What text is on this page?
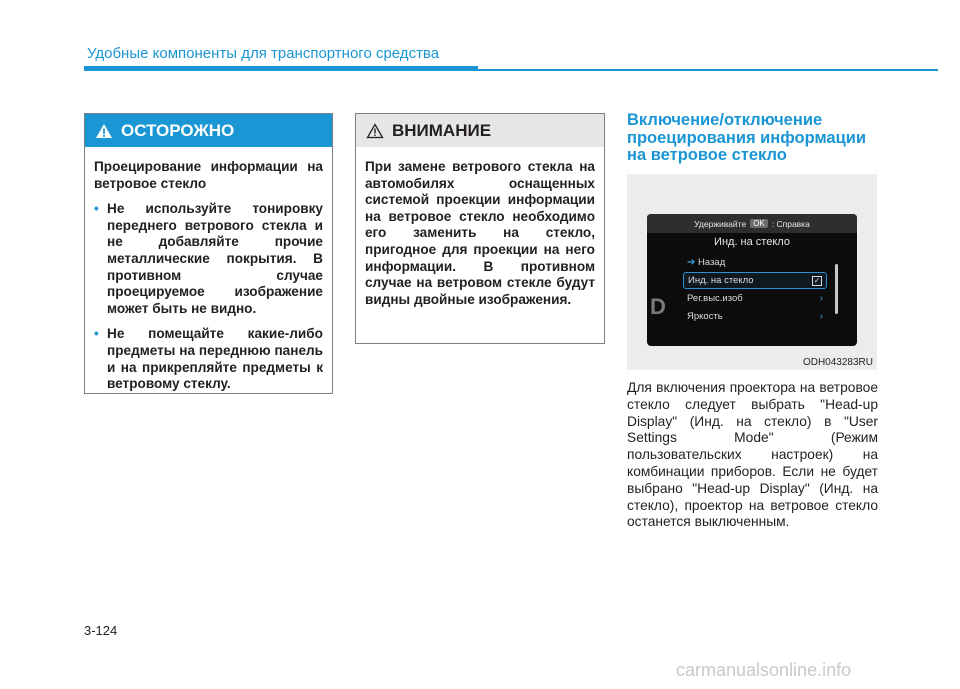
Удобные компоненты для транспортного средства
ОСТОРОЖНО

Проецирование информации на ветровое стекло

• Не используйте тонировку переднего ветрового стекла и не добавляйте прочие металлические покрытия. В противном случае проецируемое изображение может быть не видно.
• Не помещайте какие-либо предметы на переднюю панель и на прикрепляйте предметы к ветровому стеклу.
ВНИМАНИЕ

При замене ветрового стекла на автомобилях оснащенных системой проекции информации на ветровое стекло необходимо его заменить на стекло, пригодное для проекции на него информации. В противном случае на ветровом стекле будут видны двойные изображения.

Включение/отключение проецирования информации на ветровое стекло
Удерживайте OK : Справка
Инд. на стекло
D
➔ Назад
Инд. на стекло	✓
Рег.выс.изоб	›
Яркость	›
ODH043283RU

Для включения проектора на ветровое стекло следует выбрать "Head-up Display" (Инд. на стекло) в "User Settings Mode" (Режим пользовательских настроек) на комбинации приборов. Если не будет выбрано "Head-up Display" (Инд. на стекло), проектор на ветровое стекло останется выключенным.

3-124
carmanualsonline.info
